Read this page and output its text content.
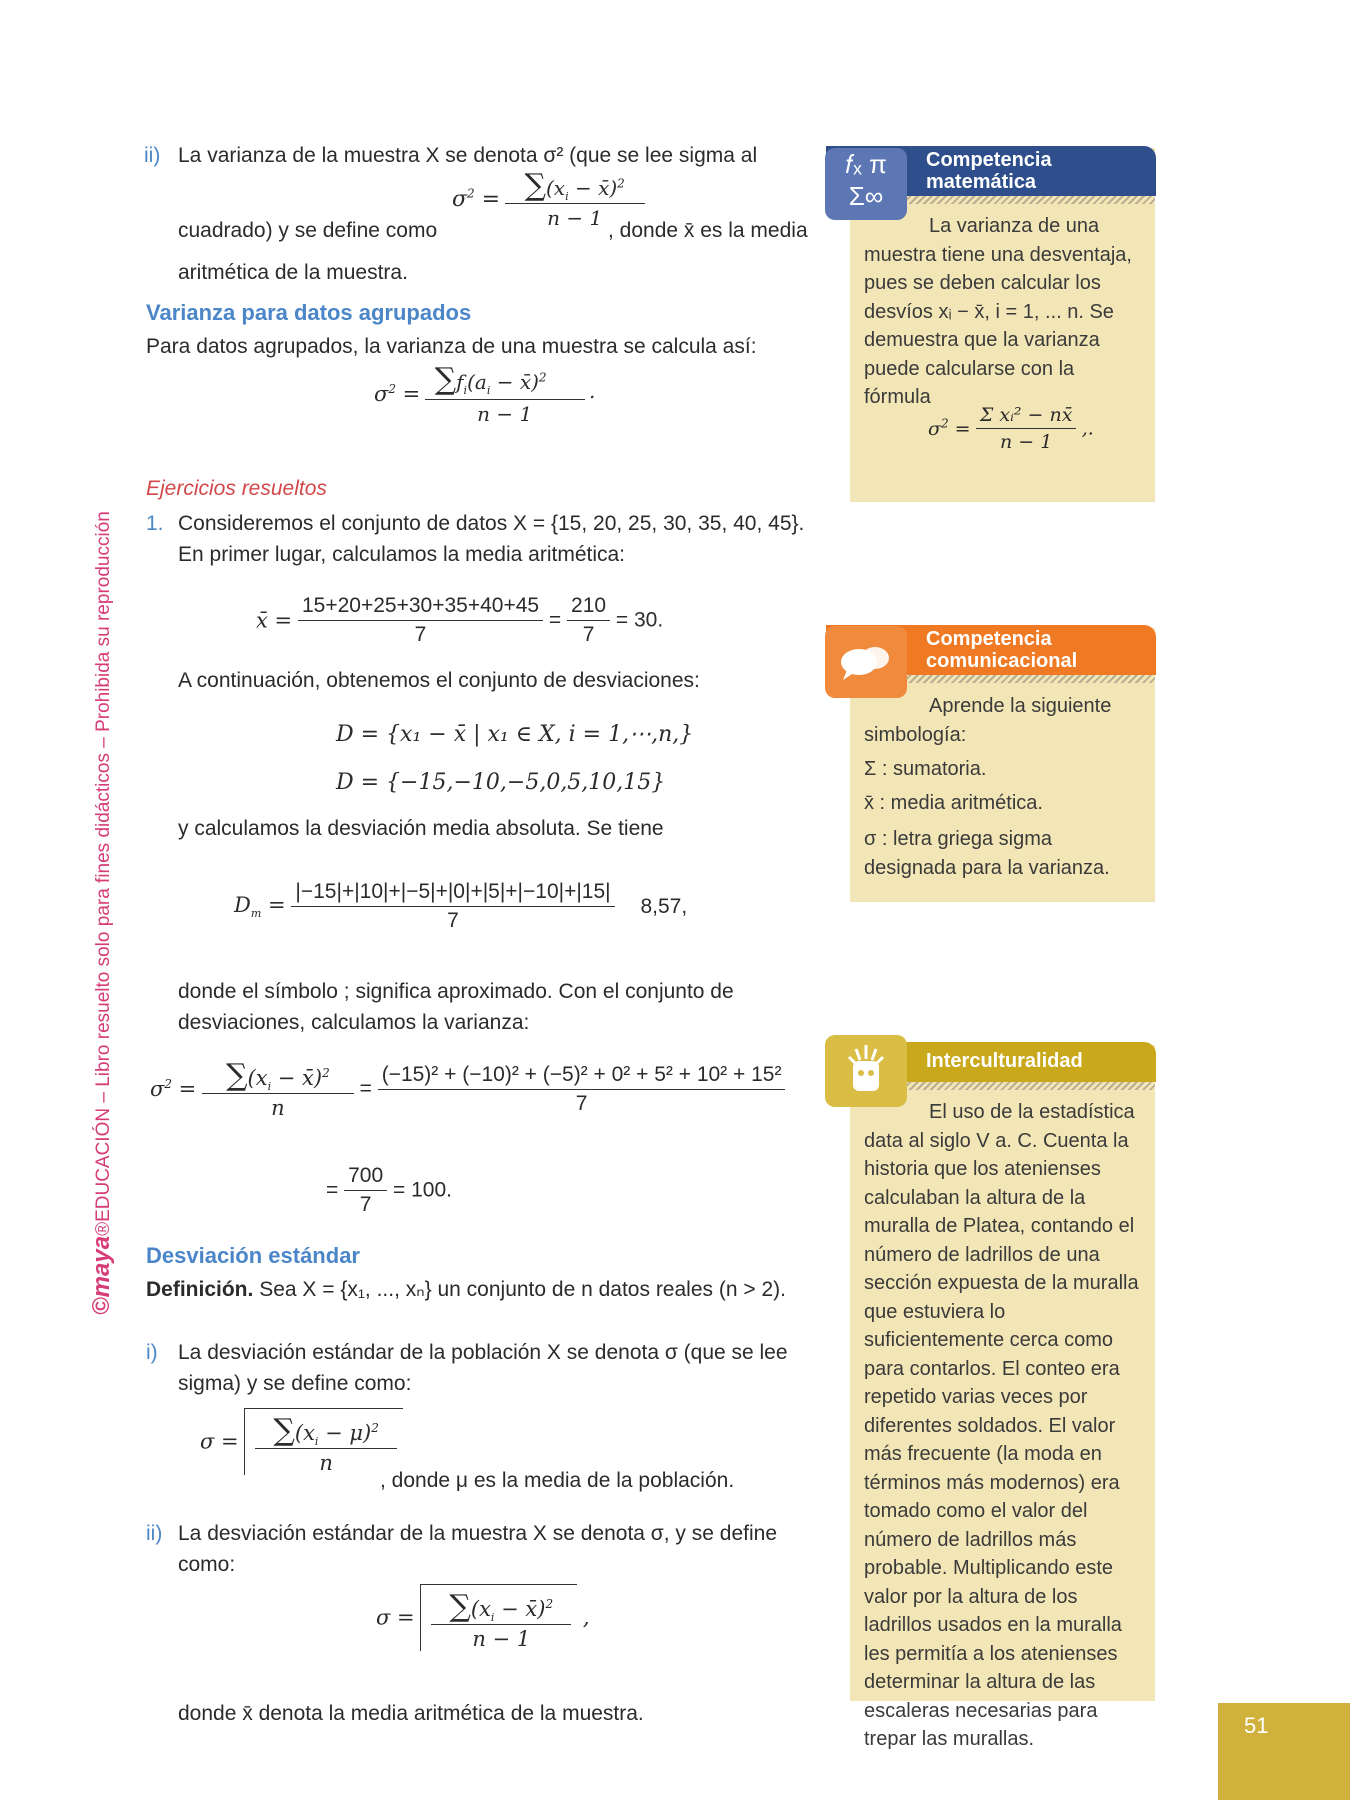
©maya®EDUCACIÓN – Libro resuelto solo para fines didácticos – Prohibida su reproducción
ii) La varianza de la muestra X se denota σ² (que se lee sigma al
cuadrado) y se define como
$\sigma^2 = \frac{\sum(x_i - x̄)^2}{n - 1}$
, donde x̄ es la media
aritmética de la muestra.
Varianza para datos agrupados
Para datos agrupados, la varianza de una muestra se calcula así:
$\sigma^2 = \frac{\sum f_i(a_i - x̄)^2}{n - 1}$ .
Ejercicios resueltos
1. Consideremos el conjunto de datos X = {15, 20, 25, 30, 35, 40, 45}.
En primer lugar, calculamos la media aritmética:
x̄ = $\frac{15+20+25+30+35+40+45}{7} = \frac{210}{7} = 30$.
A continuación, obtenemos el conjunto de desviaciones:
D = {x₁ − x̄ | x₁ ∈ X, i = 1,⋯,n,}
D = {−15,−10,−5,0,5,10,15}
y calculamos la desviación media absoluta. Se tiene
$D_m = \frac{|-15|+|10|+|-5|+|0|+|5|+|-10|+|15|}{7} 8,57$,
donde el símbolo ; significa aproximado. Con el conjunto de
desviaciones, calculamos la varianza:
$\sigma^2 = \frac{\sum(x_i - x̄)^2}{n} = \frac{\text{(−15)² + (−10)² + (−5)² + 0² + 5² + 10² + 15²}}{7}$
= $\frac{700}{7} = 100$.
Desviación estándar
Definición. Sea X = {x₁, ..., xₙ} un conjunto de n datos reales (n > 2).
i) La desviación estándar de la población X se denota σ (que se lee
sigma) y se define como:
$\sigma = \frac{\sum(x_i - \mu)^2}{n}$
, donde μ es la media de la población.
ii) La desviación estándar de la muestra X se denota σ, y se define
como:
$\sigma = \frac{\sum(x_i - x̄)^2}{n - 1}$ ,
donde x̄ denota la media aritmética de la muestra.
Competencia matemática
𝑓ₓ π
Σ∞
La varianza de una muestra tiene una desventaja, pues se deben calcular los desvíos xᵢ − x̄, i = 1, ... n. Se demuestra que la varianza puede calcularse con la fórmula
$\sigma^2 = \frac{\text{Σ xᵢ² − nx̄}}{n - 1}$ ,.
Competencia comunicacional
Aprende la siguiente simbología:
Σ : sumatoria.
x̄ : media aritmética.
σ : letra griega sigma designada para la varianza.
Interculturalidad
El uso de la estadística data al siglo V a. C. Cuenta la historia que los atenienses calculaban la altura de la muralla de Platea, contando el número de ladrillos de una sección expuesta de la muralla que estuviera lo suficientemente cerca como para contarlos. El conteo era repetido varias veces por diferentes soldados. El valor más frecuente (la moda en términos más modernos) era tomado como el valor del número de ladrillos más probable. Multiplicando este valor por la altura de los ladrillos usados en la muralla les permitía a los atenienses determinar la altura de las escaleras necesarias para trepar las murallas.
51
